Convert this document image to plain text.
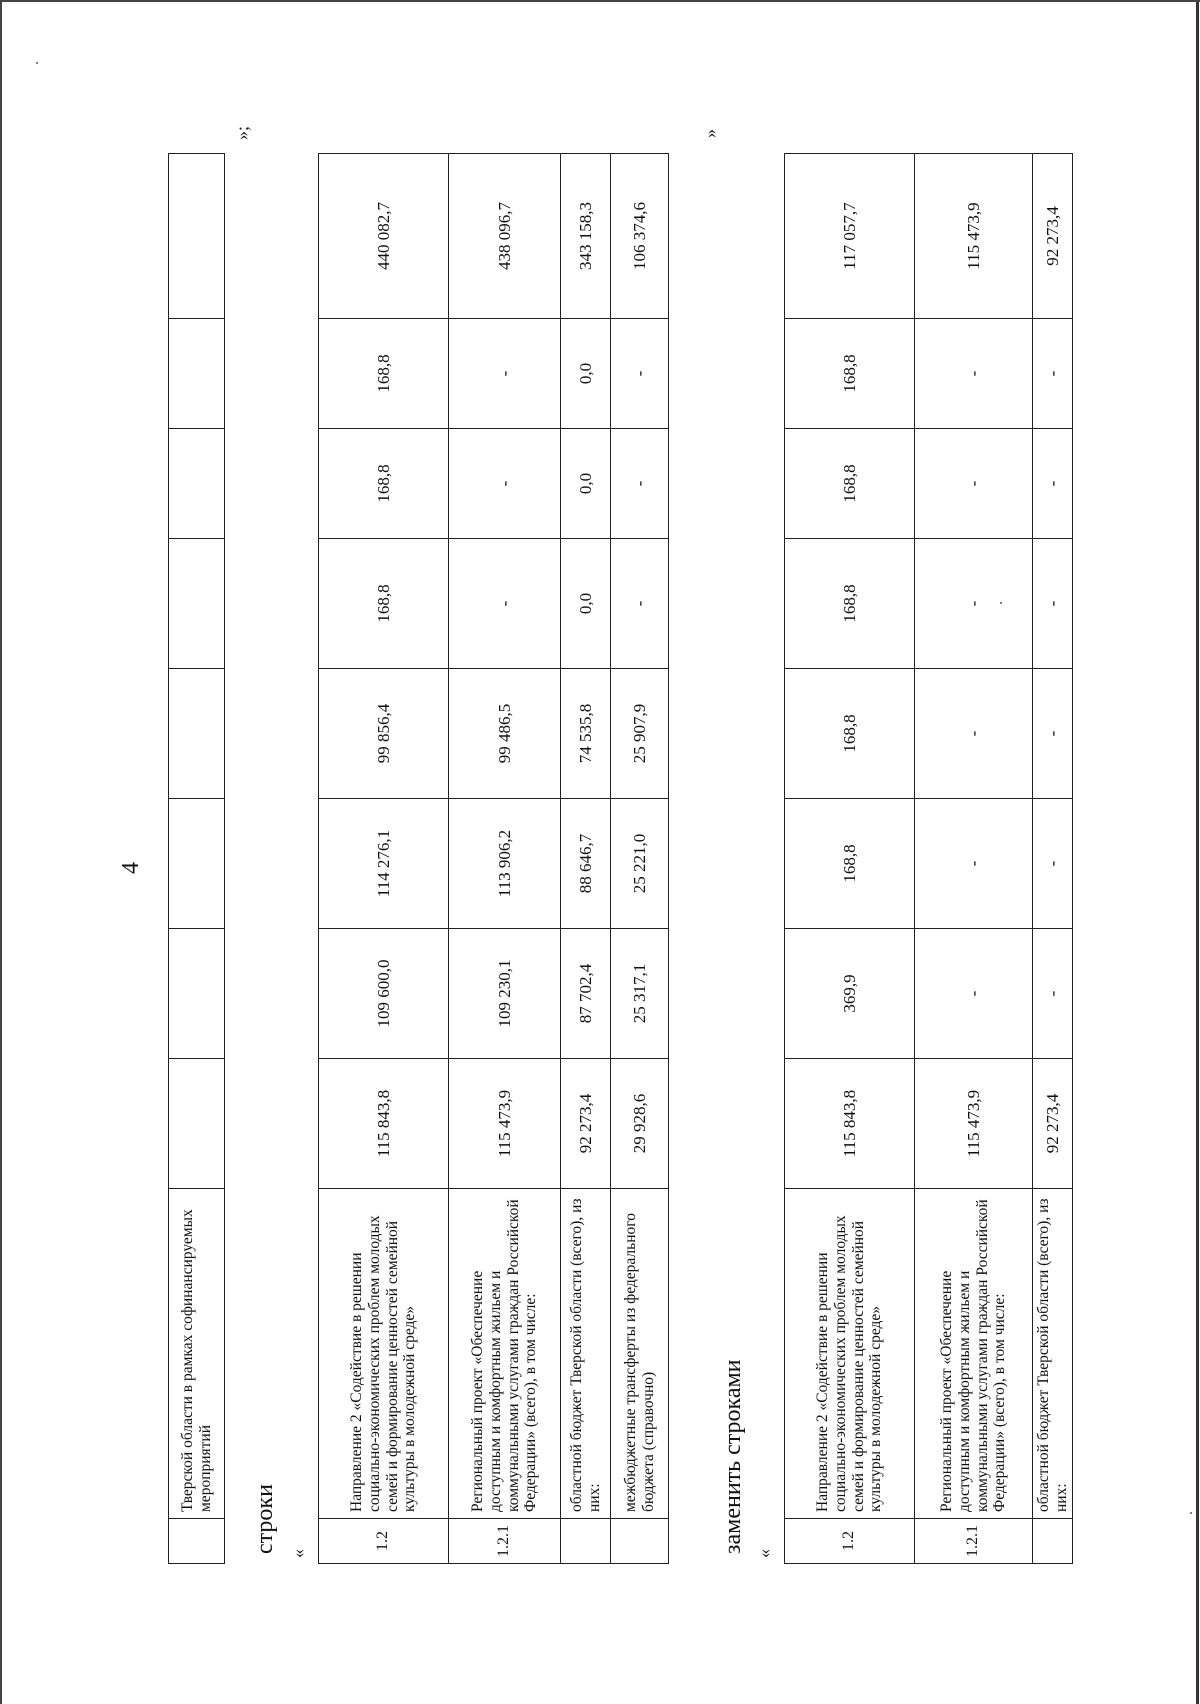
4
	Тверской области в рамках софинансируемых мероприятий								
»;
строки «
1.2	Направление 2 «Содействие в решении социально-экономических проблем молодых семей и формирование ценностей семейной культуры в молодежной среде»	115 843,8	109 600,0	114 276,1	99 856,4	168,8	168,8	168,8	440 082,7
1.2.1	Региональный проект «Обеспечение доступным и комфортным жильем и коммунальными услугами граждан Российской Федерации» (всего), в том числе:	115 473,9	109 230,1	113 906,2	99 486,5	-	-	-	438 096,7
	областной бюджет Тверской области (всего), из них:	92 273,4	87 702,4	88 646,7	74 535,8	0,0	0,0	0,0	343 158,3
	межбюджетные трансферты из федерального бюджета (справочно)	29 928,6	25 317,1	25 221,0	25 907,9	-	-	-	106 374,6
»
заменить строками «
1.2	Направление 2 «Содействие в решении социально-экономических проблем молодых семей и формирование ценностей семейной культуры в молодежной среде»	115 843,8	369,9	168,8	168,8	168,8	168,8	168,8	117 057,7
1.2.1	Региональный проект «Обеспечение доступным и комфортным жильем и коммунальными услугами граждан Российской Федерации» (всего), в том числе:	115 473,9	-	-	-	-	-	-	115 473,9
	областной бюджет Тверской области (всего), из них:	92 273,4	-	-	-	-	-	-	92 273,4
